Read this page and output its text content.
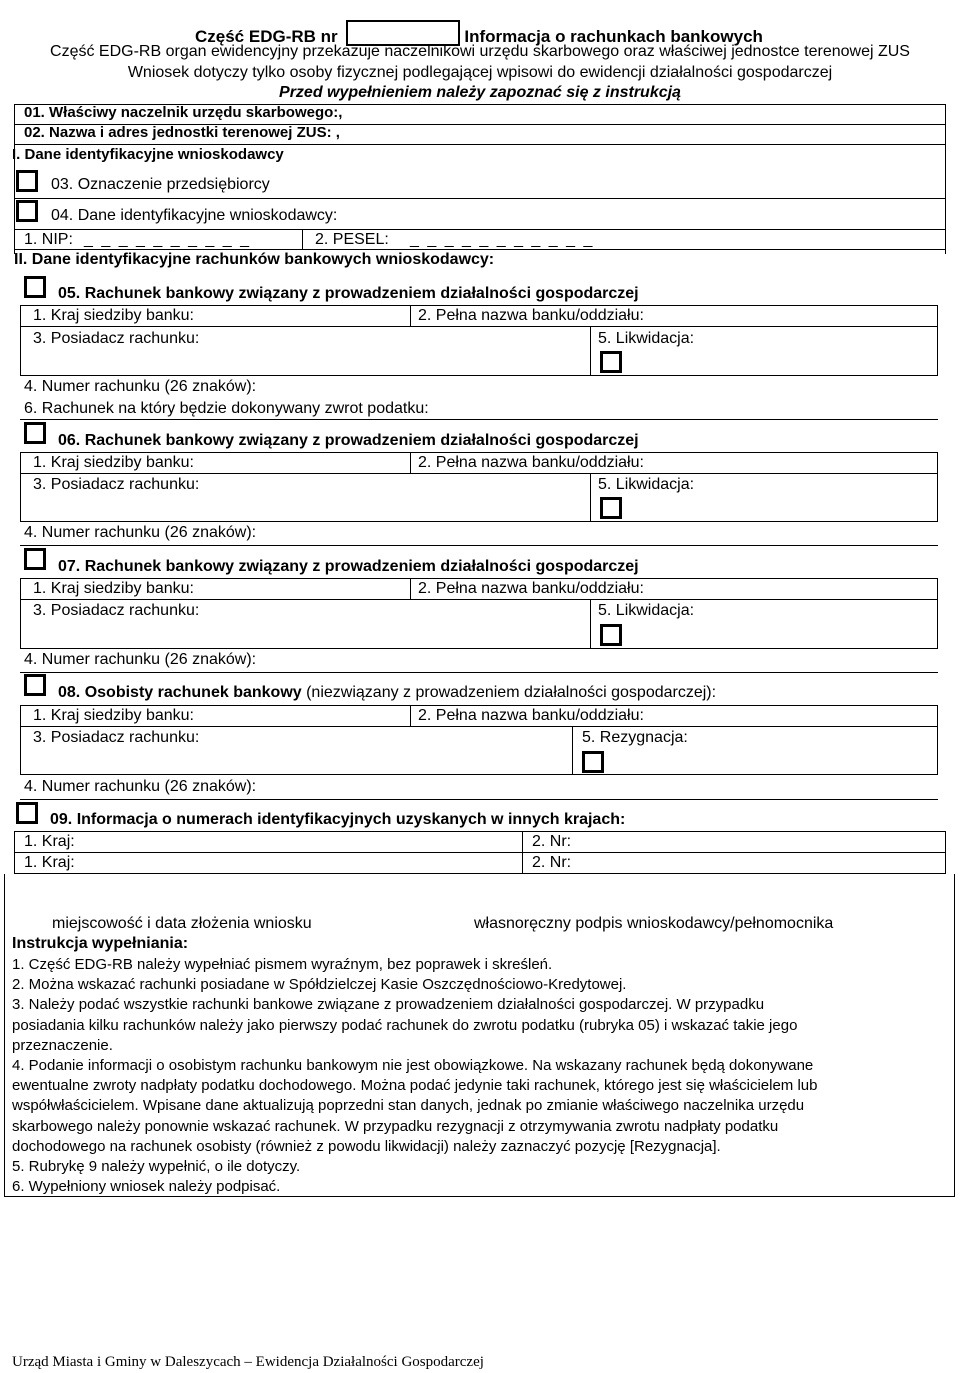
Część EDG-RB nr	Informacja o rachunkach bankowych
Część EDG-RB organ ewidencyjny przekazuje naczelnikowi urzędu skarbowego oraz właściwej jednostce terenowej ZUS
Wniosek dotyczy tylko osoby fizycznej podlegającej wpisowi do ewidencji działalności gospodarczej
Przed wypełnieniem należy zapoznać się z instrukcją
01. Właściwy naczelnik urzędu skarbowego:,
02. Nazwa i adres jednostki terenowej ZUS: ,
I. Dane identyfikacyjne wnioskodawcy
03. Oznaczenie przedsiębiorcy
04. Dane identyfikacyjne wnioskodawcy:
1. NIP: _ _ _ _ _ _ _ _ _ _	2. PESEL: _ _ _ _ _ _ _ _ _ _ _
II. Dane identyfikacyjne rachunków bankowych wnioskodawcy:
05. Rachunek bankowy związany z prowadzeniem działalności gospodarczej
1. Kraj siedziby banku:	2. Pełna nazwa banku/oddziału:
3. Posiadacz rachunku:	5. Likwidacja:
4. Numer rachunku (26 znaków):
6. Rachunek na który będzie dokonywany zwrot podatku:
06. Rachunek bankowy związany z prowadzeniem działalności gospodarczej
1. Kraj siedziby banku:	2. Pełna nazwa banku/oddziału:
3. Posiadacz rachunku:	5. Likwidacja:
4. Numer rachunku (26 znaków):
07. Rachunek bankowy związany z prowadzeniem działalności gospodarczej
1. Kraj siedziby banku:	2. Pełna nazwa banku/oddziału:
3. Posiadacz rachunku:	5. Likwidacja:
4. Numer rachunku (26 znaków):
08. Osobisty rachunek bankowy (niezwiązany z prowadzeniem działalności gospodarczej):
1. Kraj siedziby banku:	2. Pełna nazwa banku/oddziału:
3. Posiadacz rachunku:	5. Rezygnacja:
4. Numer rachunku (26 znaków):
09. Informacja o numerach identyfikacyjnych uzyskanych w innych krajach:
1. Kraj:	2. Nr:
1. Kraj:	2. Nr:
miejscowość i data złożenia wniosku	własnoręczny podpis wnioskodawcy/pełnomocnika
Instrukcja wypełniania:
1. Część EDG-RB należy wypełniać pismem wyraźnym, bez poprawek i skreśleń.
2. Można wskazać rachunki posiadane w Spółdzielczej Kasie Oszczędnościowo-Kredytowej.
3. Należy podać wszystkie rachunki bankowe związane z prowadzeniem działalności gospodarczej. W przypadku
posiadania kilku rachunków należy jako pierwszy podać rachunek do zwrotu podatku (rubryka 05) i wskazać takie jego
przeznaczenie.
4. Podanie informacji o osobistym rachunku bankowym nie jest obowiązkowe. Na wskazany rachunek będą dokonywane
ewentualne zwroty nadpłaty podatku dochodowego. Można podać jedynie taki rachunek, którego jest się właścicielem lub
współwłaścicielem. Wpisane dane aktualizują poprzedni stan danych, jednak po zmianie właściwego naczelnika urzędu
skarbowego należy ponownie wskazać rachunek. W przypadku rezygnacji z otrzymywania zwrotu nadpłaty podatku
dochodowego na rachunek osobisty (również z powodu likwidacji) należy zaznaczyć pozycję [Rezygnacja].
5. Rubrykę 9 należy wypełnić, o ile dotyczy.
6. Wypełniony wniosek należy podpisać.
Urząd Miasta i Gminy w Daleszycach – Ewidencja Działalności Gospodarczej
